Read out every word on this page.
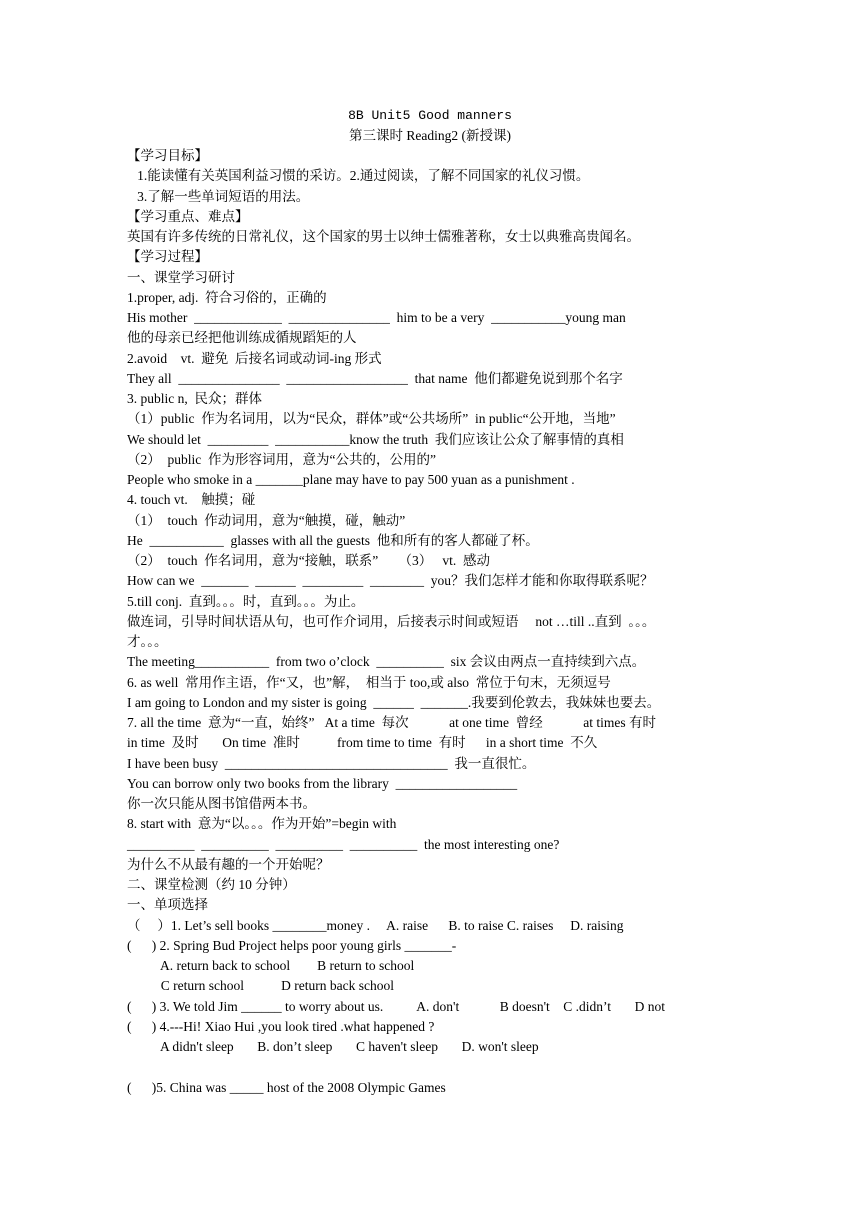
8B Unit5 Good manners
第三课时 Reading2 (新授课)
【学习目标】
1.能读懂有关英国利益习惯的采访。2.通过阅读，了解不同国家的礼仪习惯。
3.了解一些单词短语的用法。
【学习重点、难点】
英国有许多传统的日常礼仪，这个国家的男士以绅士儒雅著称，女士以典雅高贵闻名。
【学习过程】
一、课堂学习研讨
1.proper, adj.  符合习俗的，正确的
His mother  _____________  _______________  him to be a very  ___________young man
他的母亲已经把他训练成循规蹈矩的人
2.avoid    vt.  避免  后接名词或动词-ing 形式
They all  _______________  __________________  that name  他们都避免说到那个名字
3. public n,  民众；群体
（1）public  作为名词用，以为“民众，群体”或“公共场所”  in public“公开地，当地”
We should let  _________  ___________know the truth  我们应该让公众了解事情的真相
（2）  public  作为形容词用，意为“公共的，公用的”
People who smoke in a _______plane may have to pay 500 yuan as a punishment .
4. touch vt.    触摸；碰
（1）  touch  作动词用，意为“触摸，碰，触动”
He  ___________  glasses with all the guests  他和所有的客人都碰了杯。
（2）  touch  作名词用，意为“接触，联系”      （3）   vt.  感动
How can we  _______  ______  _________  ________  you？我们怎样才能和你取得联系呢？
5.till conj.  直到。。。时，直到。。。为止。
做连词，引导时间状语从句，也可作介词用，后接表示时间或短语     not …till ..直到  。。。
才。。。
The meeting___________  from two o’clock  __________  six 会议由两点一直持续到六点。
6. as well  常用作主语，作“又，也”解，  相当于 too,或 also  常位于句末，无须逗号
I am going to London and my sister is going  ______  _______.我要到伦敦去，我妹妹也要去。
7. all the time  意为“一直，始终”   At a time  每次            at one time  曾经            at times 有时
in time  及时       On time  准时           from time to time  有时      in a short time  不久
I have been busy  _________________________________  我一直很忙。
You can borrow only two books from the library  __________________
你一次只能从图书馆借两本书。
8. start with  意为“以。。。作为开始”=begin with
__________  __________  __________  __________  the most interesting one?
为什么不从最有趣的一个开始呢？
二、课堂检测（约 10 分钟）
一、单项选择
（     ）1. Let’s sell books ________money .     A. raise      B. to raise C. raises     D. raising
(      ) 2. Spring Bud Project helps poor young girls _______-
A. return back to school        B return to school
C return school           D return back school
(      ) 3. We told Jim ______ to worry about us.          A. don't            B doesn't    C .didn’t       D not
(      ) 4.---Hi! Xiao Hui ,you look tired .what happened ?
A didn't sleep       B. don’t sleep       C haven't sleep       D. won't sleep
(      )5. China was _____ host of the 2008 Olympic Games
